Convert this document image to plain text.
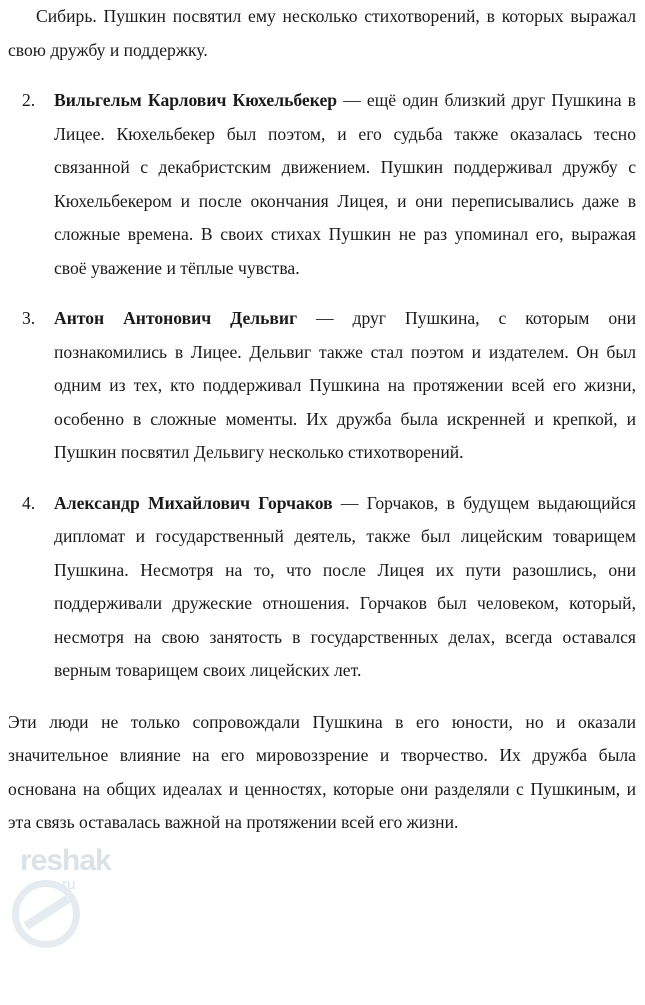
Сибирь. Пушкин посвятил ему несколько стихотворений, в которых выражал свою дружбу и поддержку.

2.	Вильгельм Карлович Кюхельбекер — ещё один близкий друг Пушкина в Лицее. Кюхельбекер был поэтом, и его судьба также оказалась тесно связанной с декабристским движением. Пушкин поддерживал дружбу с Кюхельбекером и после окончания Лицея, и они переписывались даже в сложные времена. В своих стихах Пушкин не раз упоминал его, выражая своё уважение и тёплые чувства.
3.	Антон Антонович Дельвиг — друг Пушкина, с которым они познакомились в Лицее. Дельвиг также стал поэтом и издателем. Он был одним из тех, кто поддерживал Пушкина на протяжении всей его жизни, особенно в сложные моменты. Их дружба была искренней и крепкой, и Пушкин посвятил Дельвигу несколько стихотворений.
4.	Александр Михайлович Горчаков — Горчаков, в будущем выдающийся дипломат и государственный деятель, также был лицейским товарищем Пушкина. Несмотря на то, что после Лицея их пути разошлись, они поддерживали дружеские отношения. Горчаков был человеком, который, несмотря на свою занятость в государственных делах, всегда оставался верным товарищем своих лицейских лет.

Эти люди не только сопровождали Пушкина в его юности, но и оказали значительное влияние на его мировоззрение и творчество. Их дружба была основана на общих идеалах и ценностях, которые они разделяли с Пушкиным, и эта связь оставалась важной на протяжении всей его жизни.

reshak
.ru
